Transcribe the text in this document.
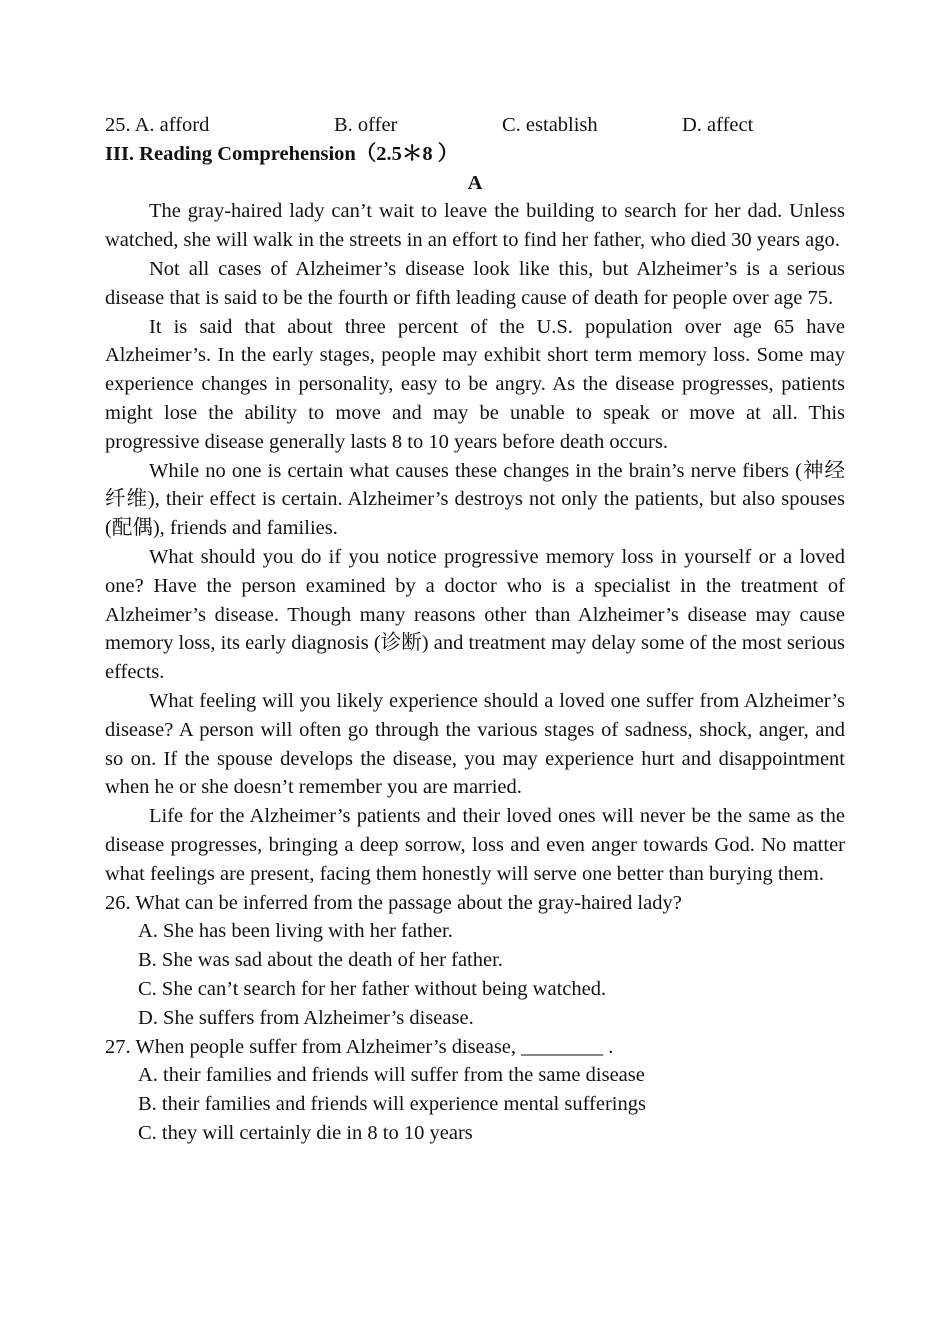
25. A. afford	B. offer	C. establish	D. affect
III. Reading Comprehension（2.5＊8 ）
A

The gray-haired lady can’t wait to leave the building to search for her dad. Unless watched, she will walk in the streets in an effort to find her father, who died 30 years ago.

Not all cases of Alzheimer’s disease look like this, but Alzheimer’s is a serious disease that is said to be the fourth or fifth leading cause of death for people over age 75.

It is said that about three percent of the U.S. population over age 65 have Alzheimer’s. In the early stages, people may exhibit short term memory loss. Some may experience changes in personality, easy to be angry. As the disease progresses, patients might lose the ability to move and may be unable to speak or move at all. This progressive disease generally lasts 8 to 10 years before death occurs.

While no one is certain what causes these changes in the brain’s nerve fibers (神经纤维), their effect is certain. Alzheimer’s destroys not only the patients, but also spouses (配偶), friends and families.

What should you do if you notice progressive memory loss in yourself or a loved one? Have the person examined by a doctor who is a specialist in the treatment of Alzheimer’s disease. Though many reasons other than Alzheimer’s disease may cause memory loss, its early diagnosis (诊断) and treatment may delay some of the most serious effects.

What feeling will you likely experience should a loved one suffer from Alzheimer’s disease? A person will often go through the various stages of sadness, shock, anger, and so on. If the spouse develops the disease, you may experience hurt and disappointment when he or she doesn’t remember you are married.

Life for the Alzheimer’s patients and their loved ones will never be the same as the disease progresses, bringing a deep sorrow, loss and even anger towards God. No matter what feelings are present, facing them honestly will serve one better than burying them.

26. What can be inferred from the passage about the gray-haired lady?

A. She has been living with her father.

B. She was sad about the death of her father.

C. She can’t search for her father without being watched.

D. She suffers from Alzheimer’s disease.

27. When people suffer from Alzheimer’s disease, ________ .

A. their families and friends will suffer from the same disease

B. their families and friends will experience mental sufferings

C. they will certainly die in 8 to 10 years
